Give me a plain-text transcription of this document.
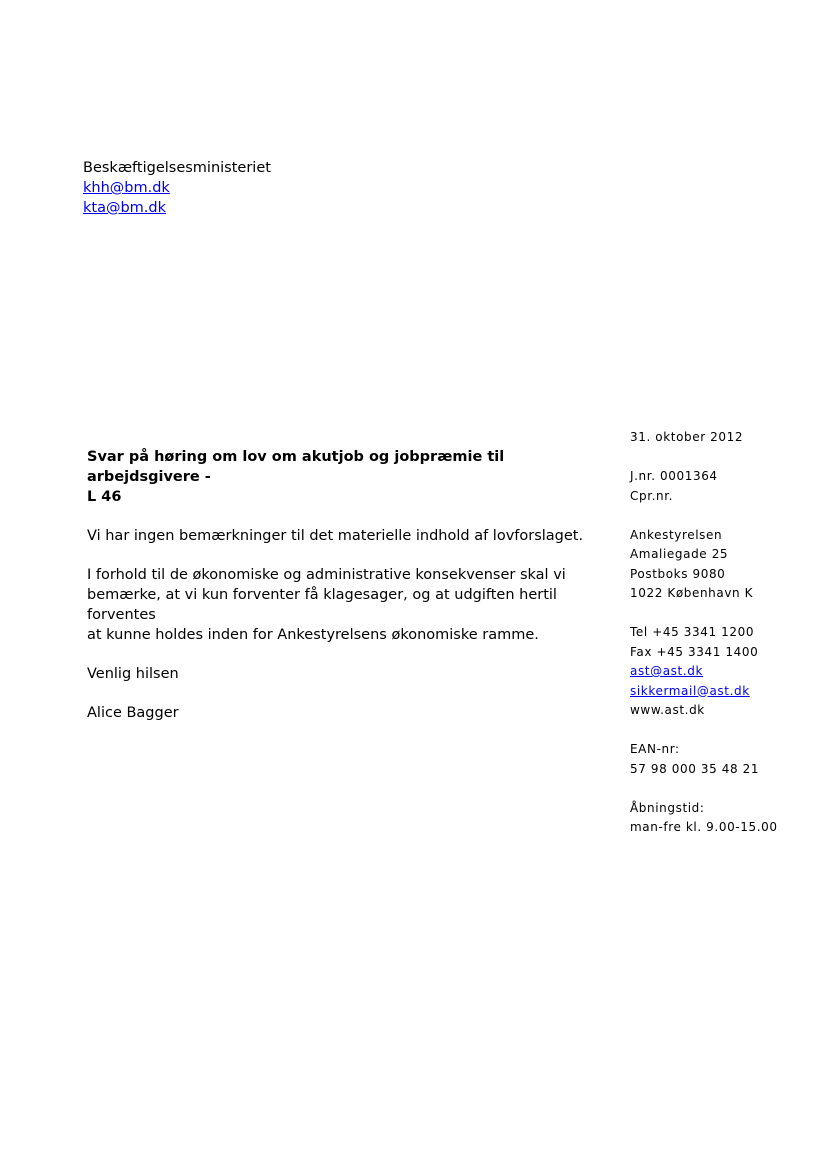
Beskæftigelsesministeriet
khh@bm.dk
kta@bm.dk
Svar på høring om lov om akutjob og jobpræmie til arbejdsgivere -
L 46
Vi har ingen bemærkninger til det materielle indhold af lovforslaget.
I forhold til de økonomiske og administrative konsekvenser skal vi
bemærke, at vi kun forventer få klagesager, og at udgiften hertil forventes
at kunne holdes inden for Ankestyrelsens økonomiske ramme.
Venlig hilsen
Alice Bagger
31. oktober 2012
J.nr. 0001364
Cpr.nr.
Ankestyrelsen
Amaliegade 25
Postboks 9080
1022 København K
Tel +45 3341 1200
Fax +45 3341 1400
ast@ast.dk
sikkermail@ast.dk
www.ast.dk
EAN-nr:
57 98 000 35 48 21
Åbningstid:
man-fre kl. 9.00-15.00
